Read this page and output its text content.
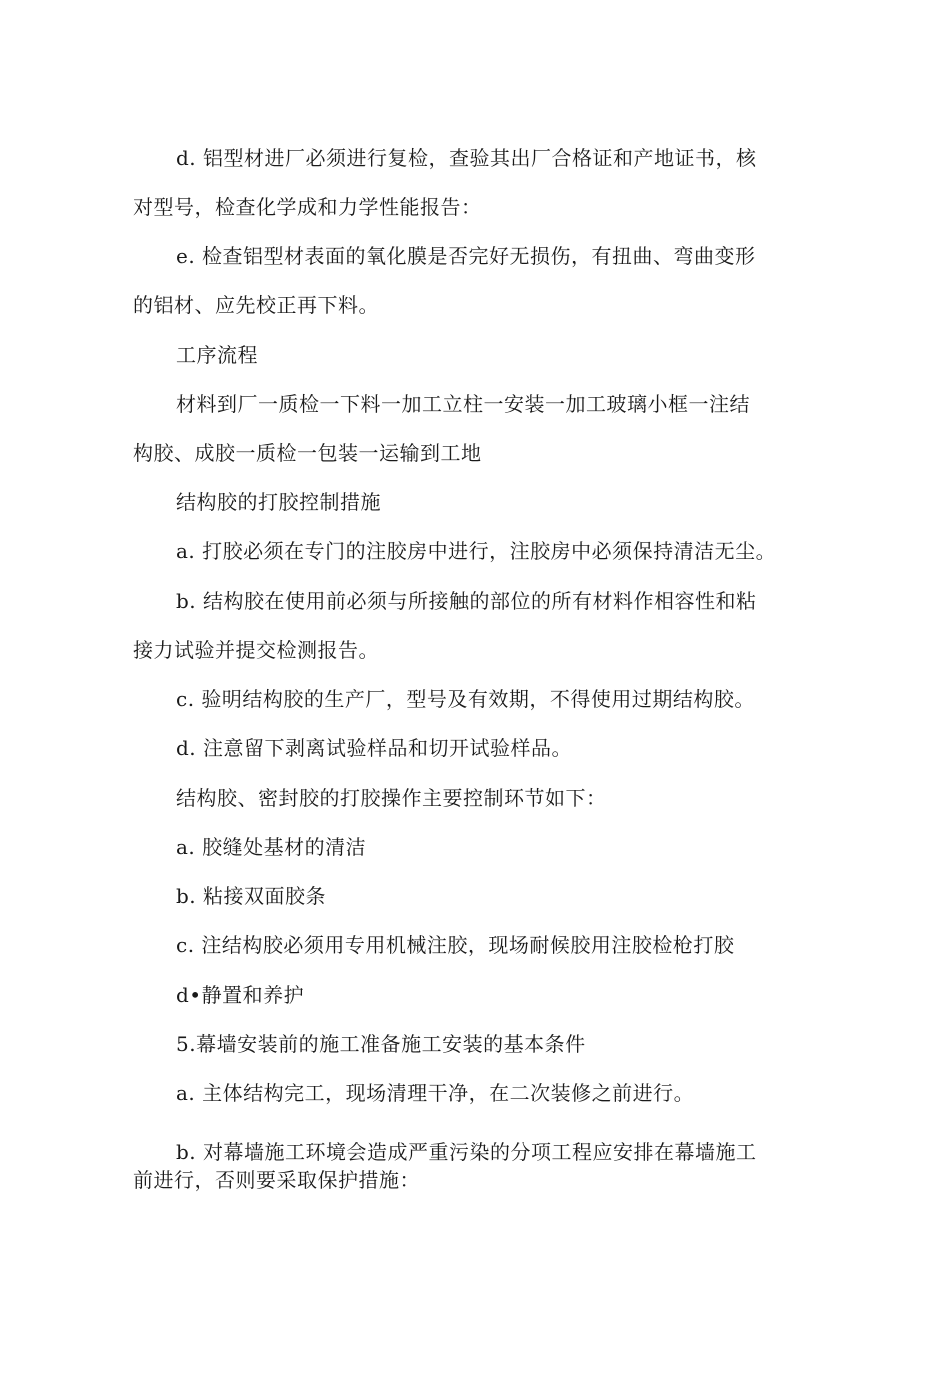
d. 铝型材进厂必须进行复检，查验其出厂合格证和产地证书，核
对型号，检查化学成和力学性能报告：
e. 检查铝型材表面的氧化膜是否完好无损伤，有扭曲、弯曲变形
的铝材、应先校正再下料。
工序流程
材料到厂一质检一下料一加工立柱一安装一加工玻璃小框一注结
构胶、成胶一质检一包装一运输到工地
结构胶的打胶控制措施
a. 打胶必须在专门的注胶房中进行，注胶房中必须保持清洁无尘。
b. 结构胶在使用前必须与所接触的部位的所有材料作相容性和粘
接力试验并提交检测报告。
c. 验明结构胶的生产厂，型号及有效期，不得使用过期结构胶。
d. 注意留下剥离试验样品和切开试验样品。
结构胶、密封胶的打胶操作主要控制环节如下：
a. 胶缝处基材的清洁
b. 粘接双面胶条
c. 注结构胶必须用专用机械注胶，现场耐候胶用注胶检枪打胶
d•静置和养护
5.幕墙安装前的施工准备施工安装的基本条件
a. 主体结构完工，现场清理干净，在二次装修之前进行。
b. 对幕墙施工环境会造成严重污染的分项工程应安排在幕墙施工
前进行，否则要采取保护措施：
